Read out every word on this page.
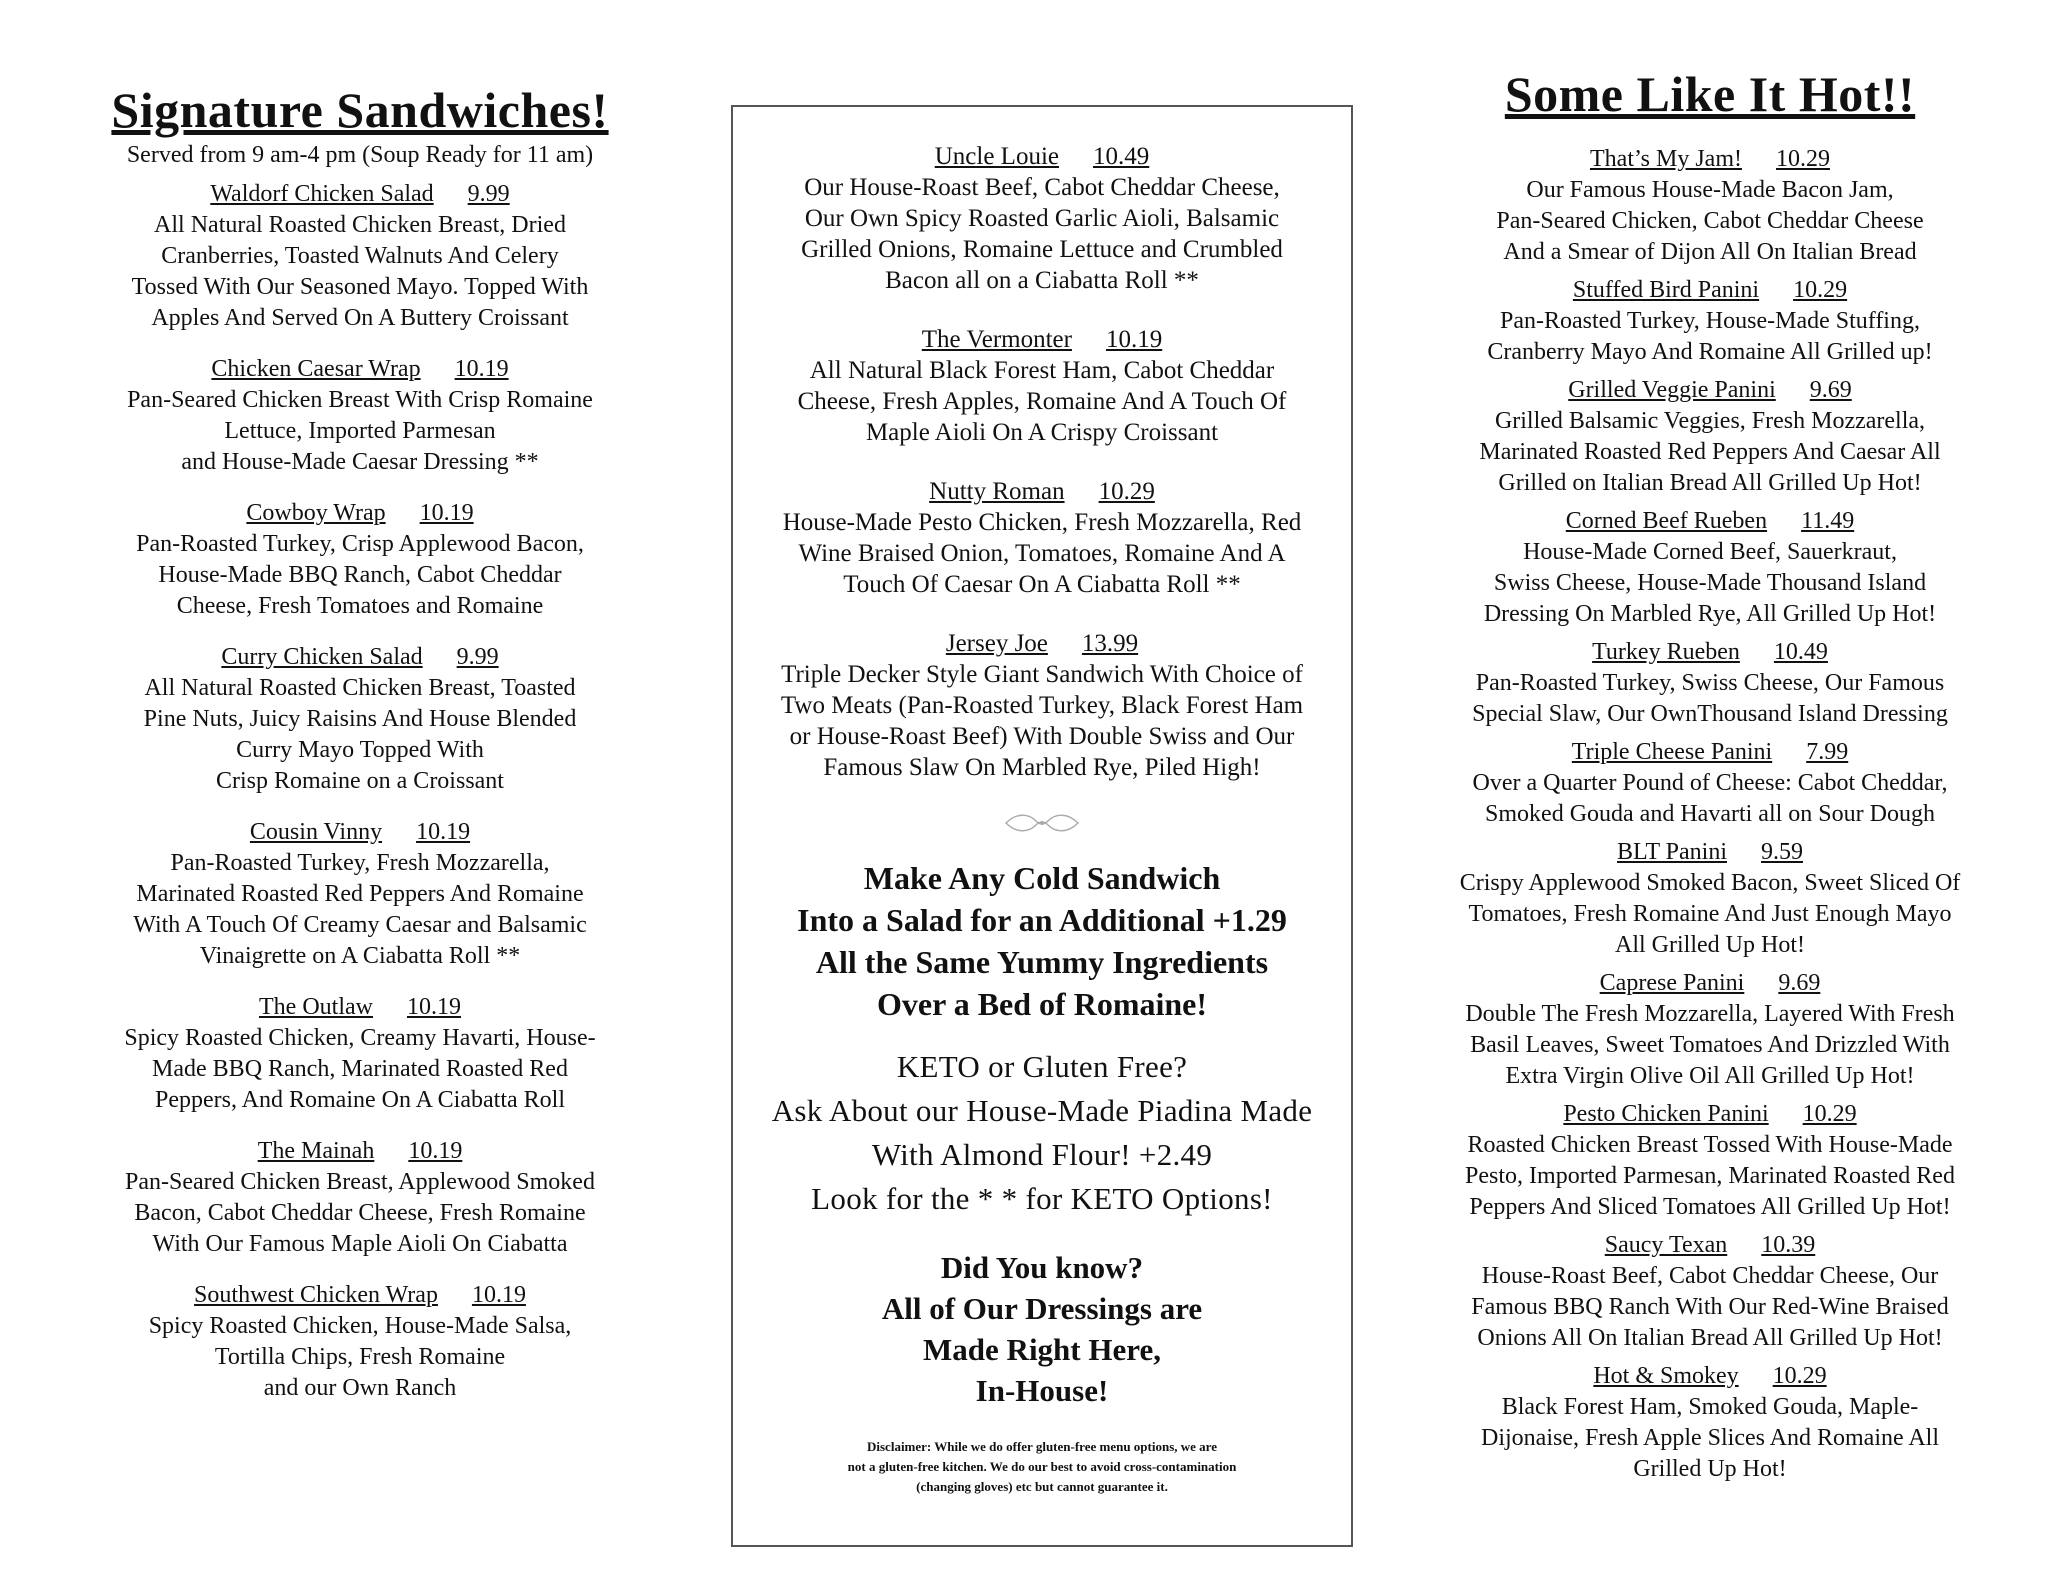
Signature Sandwiches!
Served from 9 am-4 pm (Soup Ready for 11 am)
Waldorf Chicken Salad 9.99
All Natural Roasted Chicken Breast, Dried
Cranberries, Toasted Walnuts And Celery
Tossed With Our Seasoned Mayo. Topped With
Apples And Served On A Buttery Croissant
Chicken Caesar Wrap 10.19
Pan-Seared Chicken Breast With Crisp Romaine
Lettuce, Imported Parmesan
and House-Made Caesar Dressing **
Cowboy Wrap 10.19
Pan-Roasted Turkey, Crisp Applewood Bacon,
House-Made BBQ Ranch, Cabot Cheddar
Cheese, Fresh Tomatoes and Romaine
Curry Chicken Salad 9.99
All Natural Roasted Chicken Breast, Toasted
Pine Nuts, Juicy Raisins And House Blended
Curry Mayo Topped With
Crisp Romaine on a Croissant
Cousin Vinny 10.19
Pan-Roasted Turkey, Fresh Mozzarella,
Marinated Roasted Red Peppers And Romaine
With A Touch Of Creamy Caesar and Balsamic
Vinaigrette on A Ciabatta Roll **
The Outlaw 10.19
Spicy Roasted Chicken, Creamy Havarti, House-
Made BBQ Ranch, Marinated Roasted Red
Peppers, And Romaine On A Ciabatta Roll
The Mainah 10.19
Pan-Seared Chicken Breast, Applewood Smoked
Bacon, Cabot Cheddar Cheese, Fresh Romaine
With Our Famous Maple Aioli On Ciabatta
Southwest Chicken Wrap 10.19
Spicy Roasted Chicken, House-Made Salsa,
Tortilla Chips, Fresh Romaine
and our Own Ranch
Uncle Louie 10.49
Our House-Roast Beef, Cabot Cheddar Cheese,
Our Own Spicy Roasted Garlic Aioli, Balsamic
Grilled Onions, Romaine Lettuce and Crumbled
Bacon all on a Ciabatta Roll **
The Vermonter 10.19
All Natural Black Forest Ham, Cabot Cheddar
Cheese, Fresh Apples, Romaine And A Touch Of
Maple Aioli On A Crispy Croissant
Nutty Roman 10.29
House-Made Pesto Chicken, Fresh Mozzarella, Red
Wine Braised Onion, Tomatoes, Romaine And A
Touch Of Caesar On A Ciabatta Roll **
Jersey Joe 13.99
Triple Decker Style Giant Sandwich With Choice of
Two Meats (Pan-Roasted Turkey, Black Forest Ham
or House-Roast Beef) With Double Swiss and Our
Famous Slaw On Marbled Rye, Piled High!
Make Any Cold Sandwich
Into a Salad for an Additional +1.29
All the Same Yummy Ingredients
Over a Bed of Romaine!
KETO or Gluten Free?
Ask About our House-Made Piadina Made
With Almond Flour! +2.49
Look for the * * for KETO Options!
Did You know?
All of Our Dressings are
Made Right Here,
In-House!
Disclaimer: While we do offer gluten-free menu options, we are
not a gluten-free kitchen. We do our best to avoid cross-contamination
(changing gloves) etc but cannot guarantee it.
Some Like It Hot!!
That’s My Jam! 10.29
Our Famous House-Made Bacon Jam,
Pan-Seared Chicken, Cabot Cheddar Cheese
And a Smear of Dijon All On Italian Bread
Stuffed Bird Panini 10.29
Pan-Roasted Turkey, House-Made Stuffing,
Cranberry Mayo And Romaine All Grilled up!
Grilled Veggie Panini 9.69
Grilled Balsamic Veggies, Fresh Mozzarella,
Marinated Roasted Red Peppers And Caesar All
Grilled on Italian Bread All Grilled Up Hot!
Corned Beef Rueben 11.49
House-Made Corned Beef, Sauerkraut,
Swiss Cheese, House-Made Thousand Island
Dressing On Marbled Rye, All Grilled Up Hot!
Turkey Rueben 10.49
Pan-Roasted Turkey, Swiss Cheese, Our Famous
Special Slaw, Our OwnThousand Island Dressing
Triple Cheese Panini 7.99
Over a Quarter Pound of Cheese: Cabot Cheddar,
Smoked Gouda and Havarti all on Sour Dough
BLT Panini 9.59
Crispy Applewood Smoked Bacon, Sweet Sliced Of
Tomatoes, Fresh Romaine And Just Enough Mayo
All Grilled Up Hot!
Caprese Panini 9.69
Double The Fresh Mozzarella, Layered With Fresh
Basil Leaves, Sweet Tomatoes And Drizzled With
Extra Virgin Olive Oil All Grilled Up Hot!
Pesto Chicken Panini 10.29
Roasted Chicken Breast Tossed With House-Made
Pesto, Imported Parmesan, Marinated Roasted Red
Peppers And Sliced Tomatoes All Grilled Up Hot!
Saucy Texan 10.39
House-Roast Beef, Cabot Cheddar Cheese, Our
Famous BBQ Ranch With Our Red-Wine Braised
Onions All On Italian Bread All Grilled Up Hot!
Hot & Smokey 10.29
Black Forest Ham, Smoked Gouda, Maple-
Dijonaise, Fresh Apple Slices And Romaine All
Grilled Up Hot!
